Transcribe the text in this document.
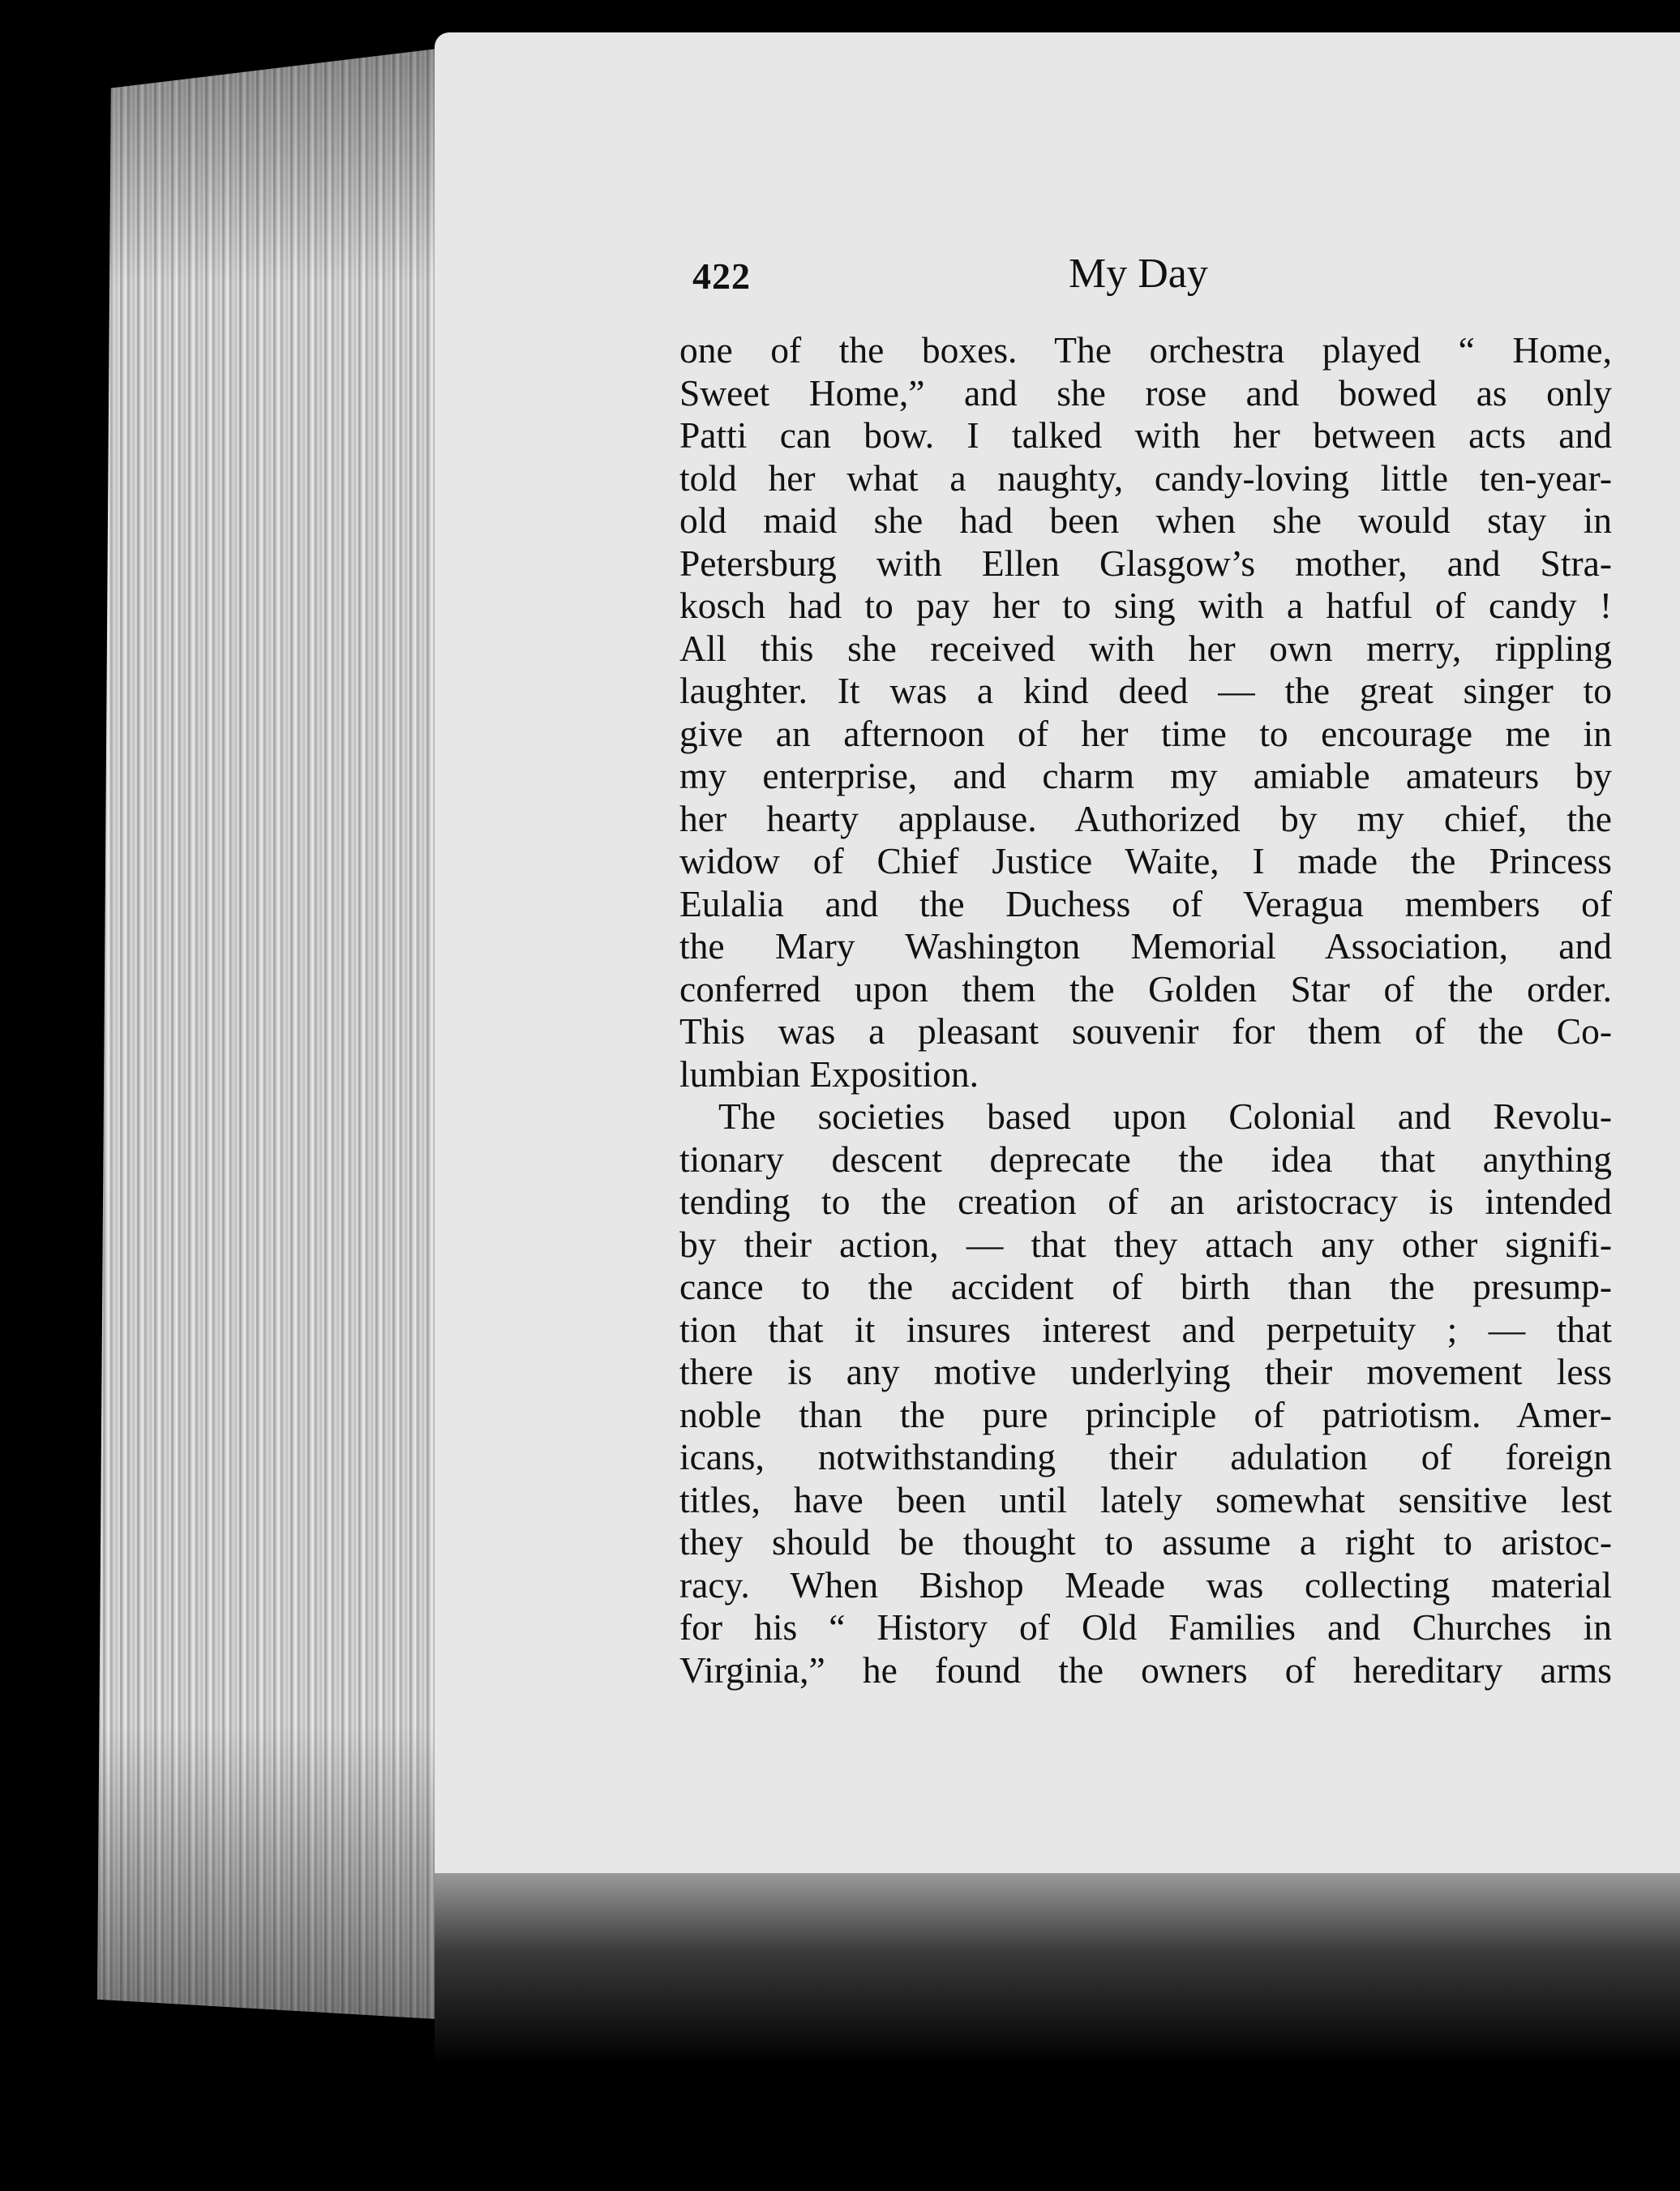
422	My Day
one of the boxes. The orchestra played “ Home,
Sweet Home,” and she rose and bowed as only
Patti can bow. I talked with her between acts and
told her what a naughty, candy-loving little ten-year-
old maid she had been when she would stay in
Petersburg with Ellen Glasgow’s mother, and Stra-
kosch had to pay her to sing with a hatful of candy !
All this she received with her own merry, rippling
laughter. It was a kind deed — the great singer to
give an afternoon of her time to encourage me in
my enterprise, and charm my amiable amateurs by
her hearty applause. Authorized by my chief, the
widow of Chief Justice Waite, I made the Princess
Eulalia and the Duchess of Veragua members of
the Mary Washington Memorial Association, and
conferred upon them the Golden Star of the order.
This was a pleasant souvenir for them of the Co-
lumbian Exposition.
The societies based upon Colonial and Revolu-
tionary descent deprecate the idea that anything
tending to the creation of an aristocracy is intended
by their action, — that they attach any other signifi-
cance to the accident of birth than the presump-
tion that it insures interest and perpetuity ; — that
there is any motive underlying their movement less
noble than the pure principle of patriotism. Amer-
icans, notwithstanding their adulation of foreign
titles, have been until lately somewhat sensitive lest
they should be thought to assume a right to aristoc-
racy. When Bishop Meade was collecting material
for his “ History of Old Families and Churches in
Virginia,” he found the owners of hereditary arms
